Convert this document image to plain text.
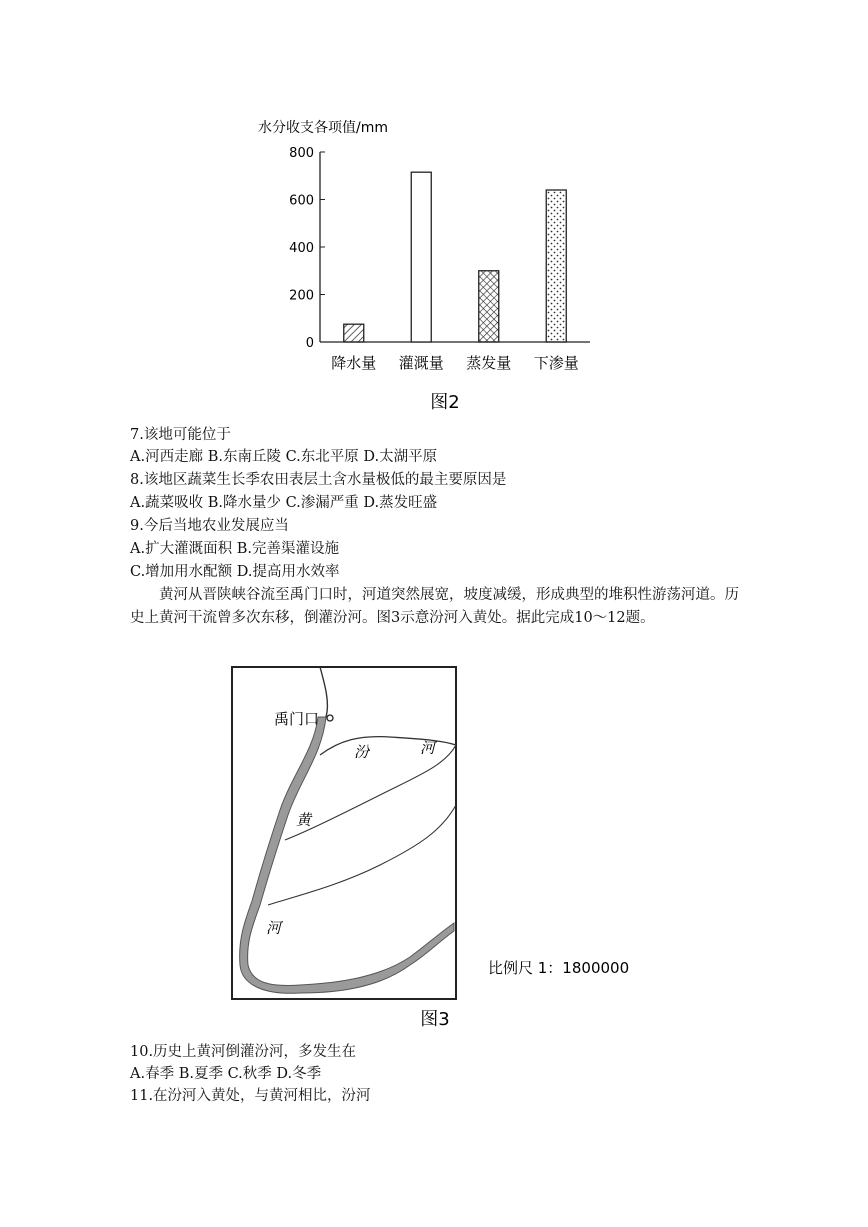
水分收支各项值/mm
0
200
400
600
800
降水量 灌溉量 蒸发量 下渗量
图2
7.该地可能位于
A.河西走廊 B.东南丘陵 C.东北平原 D.太湖平原
8.该地区蔬菜生长季农田表层土含水量极低的最主要原因是
A.蔬菜吸收 B.降水量少 C.渗漏严重 D.蒸发旺盛
9.今后当地农业发展应当
A.扩大灌溉面积 B.完善渠灌设施
C.增加用水配额 D.提高用水效率
黄河从晋陕峡谷流至禹门口时，河道突然展宽，坡度减缓，形成典型的堆积性游荡河道。历史上黄河干流曾多次东移，倒灌汾河。图3示意汾河入黄处。据此完成10～12题。
禹门口
汾	河
黄
河
比例尺 1：1800000
图3
10.历史上黄河倒灌汾河，多发生在
A.春季 B.夏季 C.秋季 D.冬季
11.在汾河入黄处，与黄河相比，汾河
